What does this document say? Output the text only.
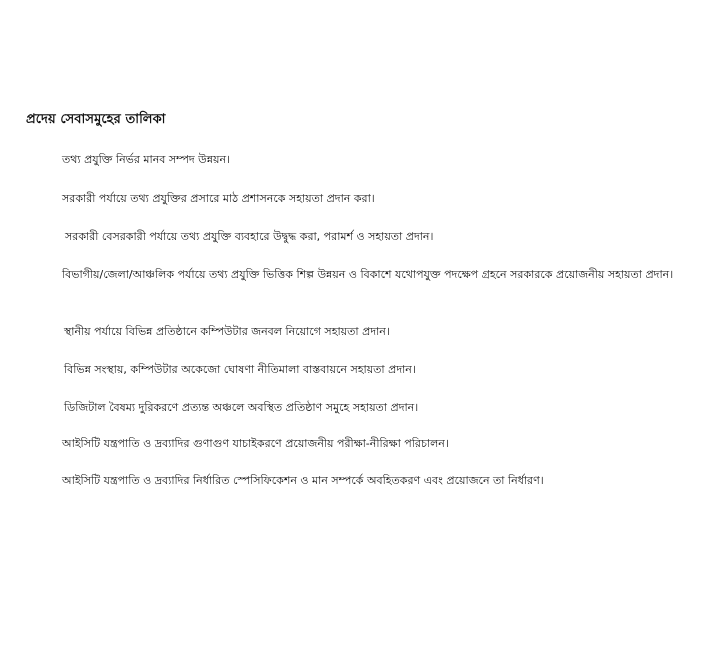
প্রদেয় সেবাসমুহের তালিকা
তথ্য প্রযুক্তি নির্ভর মানব সম্পদ উন্নয়ন।
সরকারী পর্যায়ে তথ্য প্রযুক্তির প্রসারে মাঠ প্রশাসনকে সহায়তা প্রদান করা।
সরকারী বেসরকারী পর্যায়ে তথ্য প্রযুক্তি ব্যবহারে উদ্বুদ্ধ করা, পরামর্শ ও সহায়তা প্রদান।
বিভাগীয়/জেলা/আঞ্চলিক পর্যায়ে তথ্য প্রযুক্তি ভিত্তিক শিল্প উন্নয়ন ও বিকাশে যথোপযুক্ত পদক্ষেপ গ্রহনে সরকারকে প্রয়োজনীয় সহায়তা প্রদান।
স্থানীয় পর্যায়ে বিভিন্ন প্রতিষ্ঠানে কম্পিউটার জনবল নিয়োগে সহায়তা প্রদান।
বিভিন্ন সংস্থায়, কম্পিউটার অকেজো ঘোষণা নীতিমালা বাস্তবায়নে সহায়তা প্রদান।
ডিজিটাল বৈষম্য দুরিকরণে প্রত্যন্ত অঞ্চলে অবস্থিত প্রতিষ্ঠাণ সমুহে সহায়তা প্রদান।
আইসিটি যন্ত্রপাতি ও দ্রব্যাদির গুণাগুণ যাচাইকরণে প্রয়োজনীয় পরীক্ষা-নীরিক্ষা পরিচালন।
আইসিটি যন্ত্রপাতি ও দ্রব্যাদির নির্ধারিত স্পেসিফিকেশন ও মান সম্পর্কে অবহিতকরণ এবং প্রয়োজনে তা নির্ধারণ।
